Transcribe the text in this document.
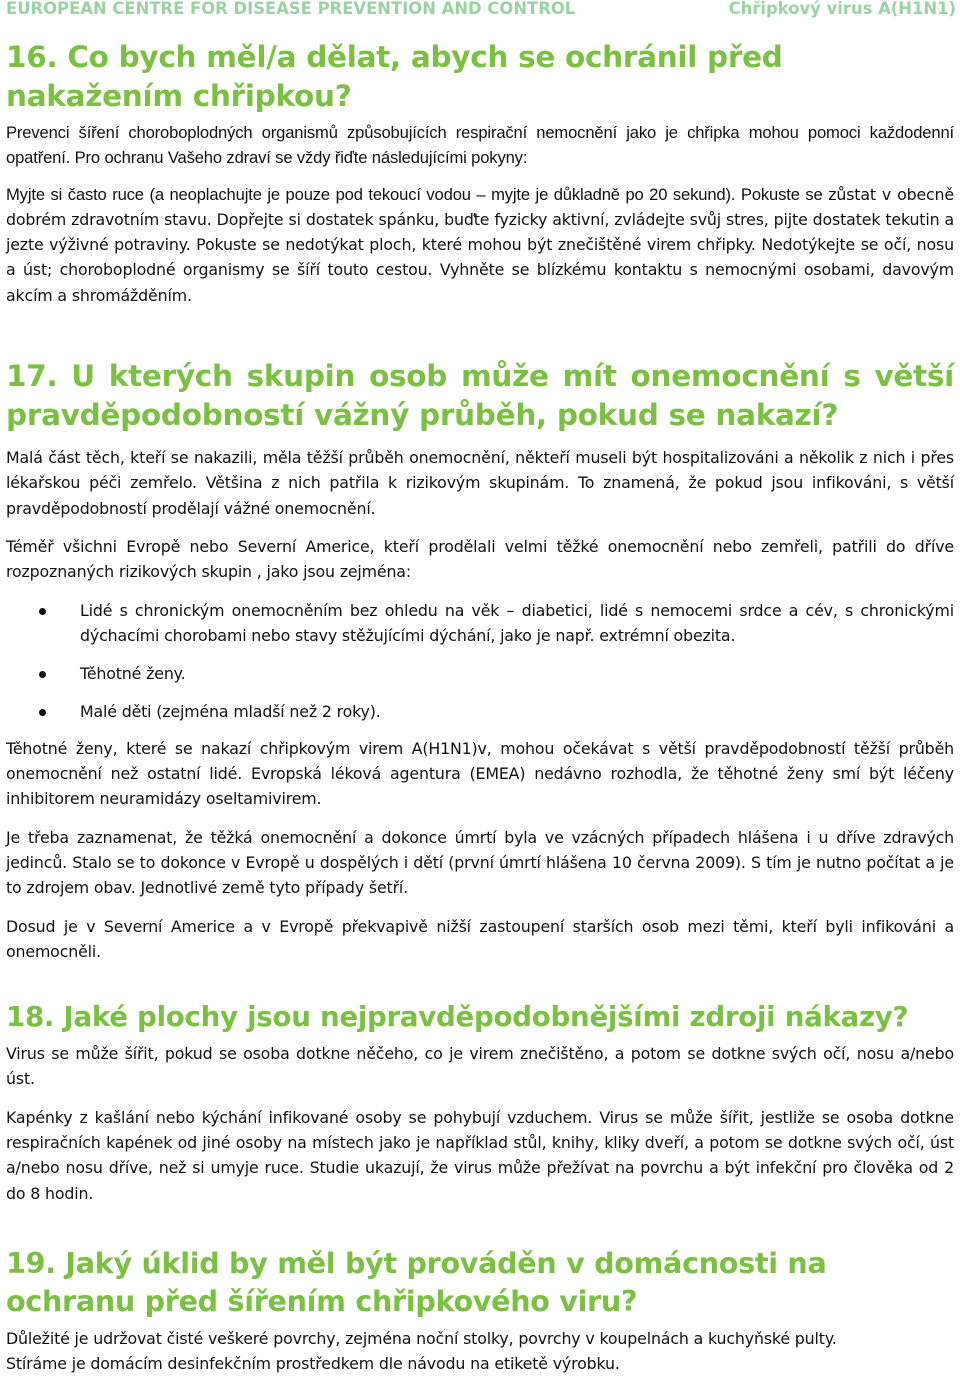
EUROPEAN CENTRE FOR DISEASE PREVENTION AND CONTROL	Chřipkový virus A(H1N1)
16. Co bych měl/a dělat, abych se ochránil před nakažením chřipkou?

Prevenci šíření choroboplodných organismů způsobujících respirační nemocnění jako je chřipka mohou pomoci každodenní opatření. Pro ochranu Vašeho zdraví se vždy řiďte následujícími pokyny:

Myjte si často ruce (a neoplachujte je pouze pod tekoucí vodou – myjte je důkladně po 20 sekund). Pokuste se zůstat v obecně dobrém zdravotním stavu. Dopřejte si dostatek spánku, buďte fyzicky aktivní, zvládejte svůj stres, pijte dostatek tekutin a jezte výživné potraviny. Pokuste se nedotýkat ploch, které mohou být znečištěné virem chřipky. Nedotýkejte se očí, nosu a úst; choroboplodné organismy se šíří touto cestou. Vyhněte se blízkému kontaktu s nemocnými osobami, davovým akcím a shromážděním.

17. U kterých skupin osob může mít onemocnění s větší pravděpodobností vážný průběh, pokud se nakazí?

Malá část těch, kteří se nakazili, měla těžší průběh onemocnění, někteří museli být hospitalizováni a několik z nich i přes lékařskou péči zemřelo. Většina z nich patřila k rizikovým skupinám. To znamená, že pokud jsou infikováni, s větší pravděpodobností prodělají vážné onemocnění.

Téměř všichni Evropě nebo Severní Americe, kteří prodělali velmi těžké onemocnění nebo zemřeli, patřili do dříve rozpoznaných rizikových skupin , jako jsou zejména:

Lidé s chronickým onemocněním bez ohledu na věk – diabetici, lidé s nemocemi srdce a cév, s chronickými dýchacími chorobami nebo stavy stěžujícími dýchání, jako je např. extrémní obezita.
Těhotné ženy.
Malé děti (zejména mladší než 2 roky).

Těhotné ženy, které se nakazí chřipkovým virem A(H1N1)v, mohou očekávat s větší pravděpodobností těžší průběh onemocnění než ostatní lidé. Evropská léková agentura (EMEA) nedávno rozhodla, že těhotné ženy smí být léčeny inhibitorem neuramidázy oseltamivirem.

Je třeba zaznamenat, že těžká onemocnění a dokonce úmrtí byla ve vzácných případech hlášena i u dříve zdravých jedinců. Stalo se to dokonce v Evropě u dospělých i dětí (první úmrtí hlášena 10 června 2009). S tím je nutno počítat a je to zdrojem obav. Jednotlivé země tyto případy šetří.

Dosud je v Severní Americe a v Evropě překvapivě nižší zastoupení starších osob mezi těmi, kteří byli infikováni a onemocněli.

18. Jaké plochy jsou nejpravděpodobnějšími zdroji nákazy?

Virus se může šířit, pokud se osoba dotkne něčeho, co je virem znečištěno, a potom se dotkne svých očí, nosu a/nebo úst.

Kapénky z kašlání nebo kýchání infikované osoby se pohybují vzduchem. Virus se může šířit, jestliže se osoba dotkne respiračních kapének od jiné osoby na místech jako je například stůl, knihy, kliky dveří, a potom se dotkne svých očí, úst a/nebo nosu dříve, než si umyje ruce. Studie ukazují, že virus může přežívat na povrchu a být infekční pro člověka od 2 do 8 hodin.

19. Jaký úklid by měl být prováděn v domácnosti na ochranu před šířením chřipkového viru?

Důležité je udržovat čisté veškeré povrchy, zejména noční stolky, povrchy v koupelnách a kuchyňské pulty.
Stíráme je domácím desinfekčním prostředkem dle návodu na etiketě výrobku.
